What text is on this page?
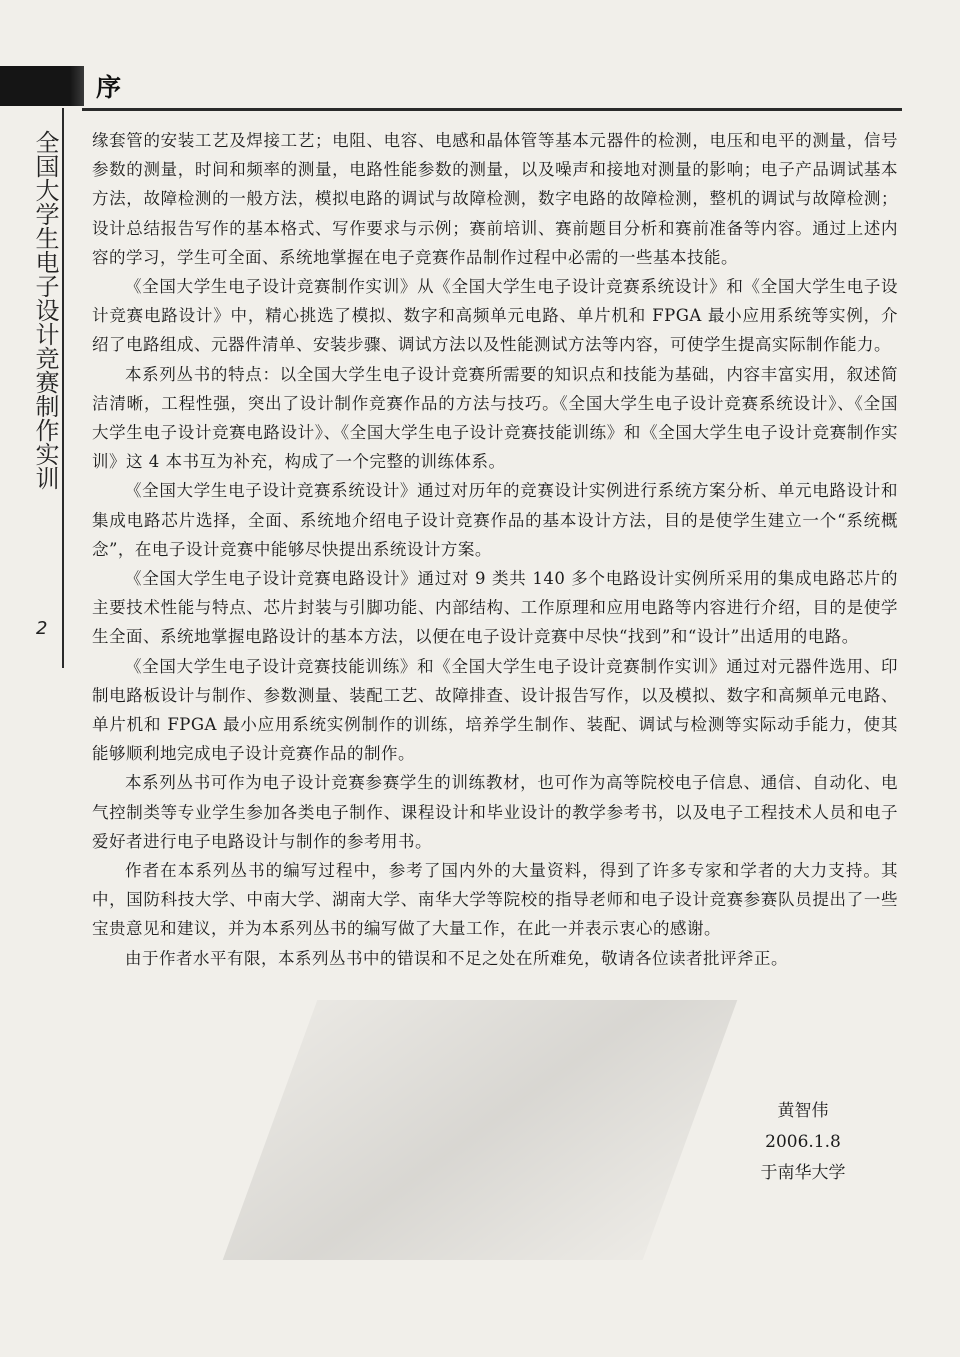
序
全国大学生电子设计竞赛制作实训
2

缘套管的安装工艺及焊接工艺；电阻、电容、电感和晶体管等基本元器件的检测，电压和电平的测量，信号参数的测量，时间和频率的测量，电路性能参数的测量，以及噪声和接地对测量的影响；电子产品调试基本方法，故障检测的一般方法，模拟电路的调试与故障检测，数字电路的故障检测，整机的调试与故障检测；设计总结报告写作的基本格式、写作要求与示例；赛前培训、赛前题目分析和赛前准备等内容。通过上述内容的学习，学生可全面、系统地掌握在电子竞赛作品制作过程中必需的一些基本技能。

《全国大学生电子设计竞赛制作实训》从《全国大学生电子设计竞赛系统设计》和《全国大学生电子设计竞赛电路设计》中，精心挑选了模拟、数字和高频单元电路、单片机和 FPGA 最小应用系统等实例，介绍了电路组成、元器件清单、安装步骤、调试方法以及性能测试方法等内容，可使学生提高实际制作能力。

本系列丛书的特点：以全国大学生电子设计竞赛所需要的知识点和技能为基础，内容丰富实用，叙述简洁清晰，工程性强，突出了设计制作竞赛作品的方法与技巧。《全国大学生电子设计竞赛系统设计》、《全国大学生电子设计竞赛电路设计》、《全国大学生电子设计竞赛技能训练》和《全国大学生电子设计竞赛制作实训》这 4 本书互为补充，构成了一个完整的训练体系。

《全国大学生电子设计竞赛系统设计》通过对历年的竞赛设计实例进行系统方案分析、单元电路设计和集成电路芯片选择，全面、系统地介绍电子设计竞赛作品的基本设计方法，目的是使学生建立一个“系统概念”，在电子设计竞赛中能够尽快提出系统设计方案。

《全国大学生电子设计竞赛电路设计》通过对 9 类共 140 多个电路设计实例所采用的集成电路芯片的主要技术性能与特点、芯片封装与引脚功能、内部结构、工作原理和应用电路等内容进行介绍，目的是使学生全面、系统地掌握电路设计的基本方法，以便在电子设计竞赛中尽快“找到”和“设计”出适用的电路。

《全国大学生电子设计竞赛技能训练》和《全国大学生电子设计竞赛制作实训》通过对元器件选用、印制电路板设计与制作、参数测量、装配工艺、故障排查、设计报告写作，以及模拟、数字和高频单元电路、单片机和 FPGA 最小应用系统实例制作的训练，培养学生制作、装配、调试与检测等实际动手能力，使其能够顺利地完成电子设计竞赛作品的制作。

本系列丛书可作为电子设计竞赛参赛学生的训练教材，也可作为高等院校电子信息、通信、自动化、电气控制类等专业学生参加各类电子制作、课程设计和毕业设计的教学参考书，以及电子工程技术人员和电子爱好者进行电子电路设计与制作的参考用书。

作者在本系列丛书的编写过程中，参考了国内外的大量资料，得到了许多专家和学者的大力支持。其中，国防科技大学、中南大学、湖南大学、南华大学等院校的指导老师和电子设计竞赛参赛队员提出了一些宝贵意见和建议，并为本系列丛书的编写做了大量工作，在此一并表示衷心的感谢。

由于作者水平有限，本系列丛书中的错误和不足之处在所难免，敬请各位读者批评斧正。

黄智伟
2006.1.8
于南华大学
